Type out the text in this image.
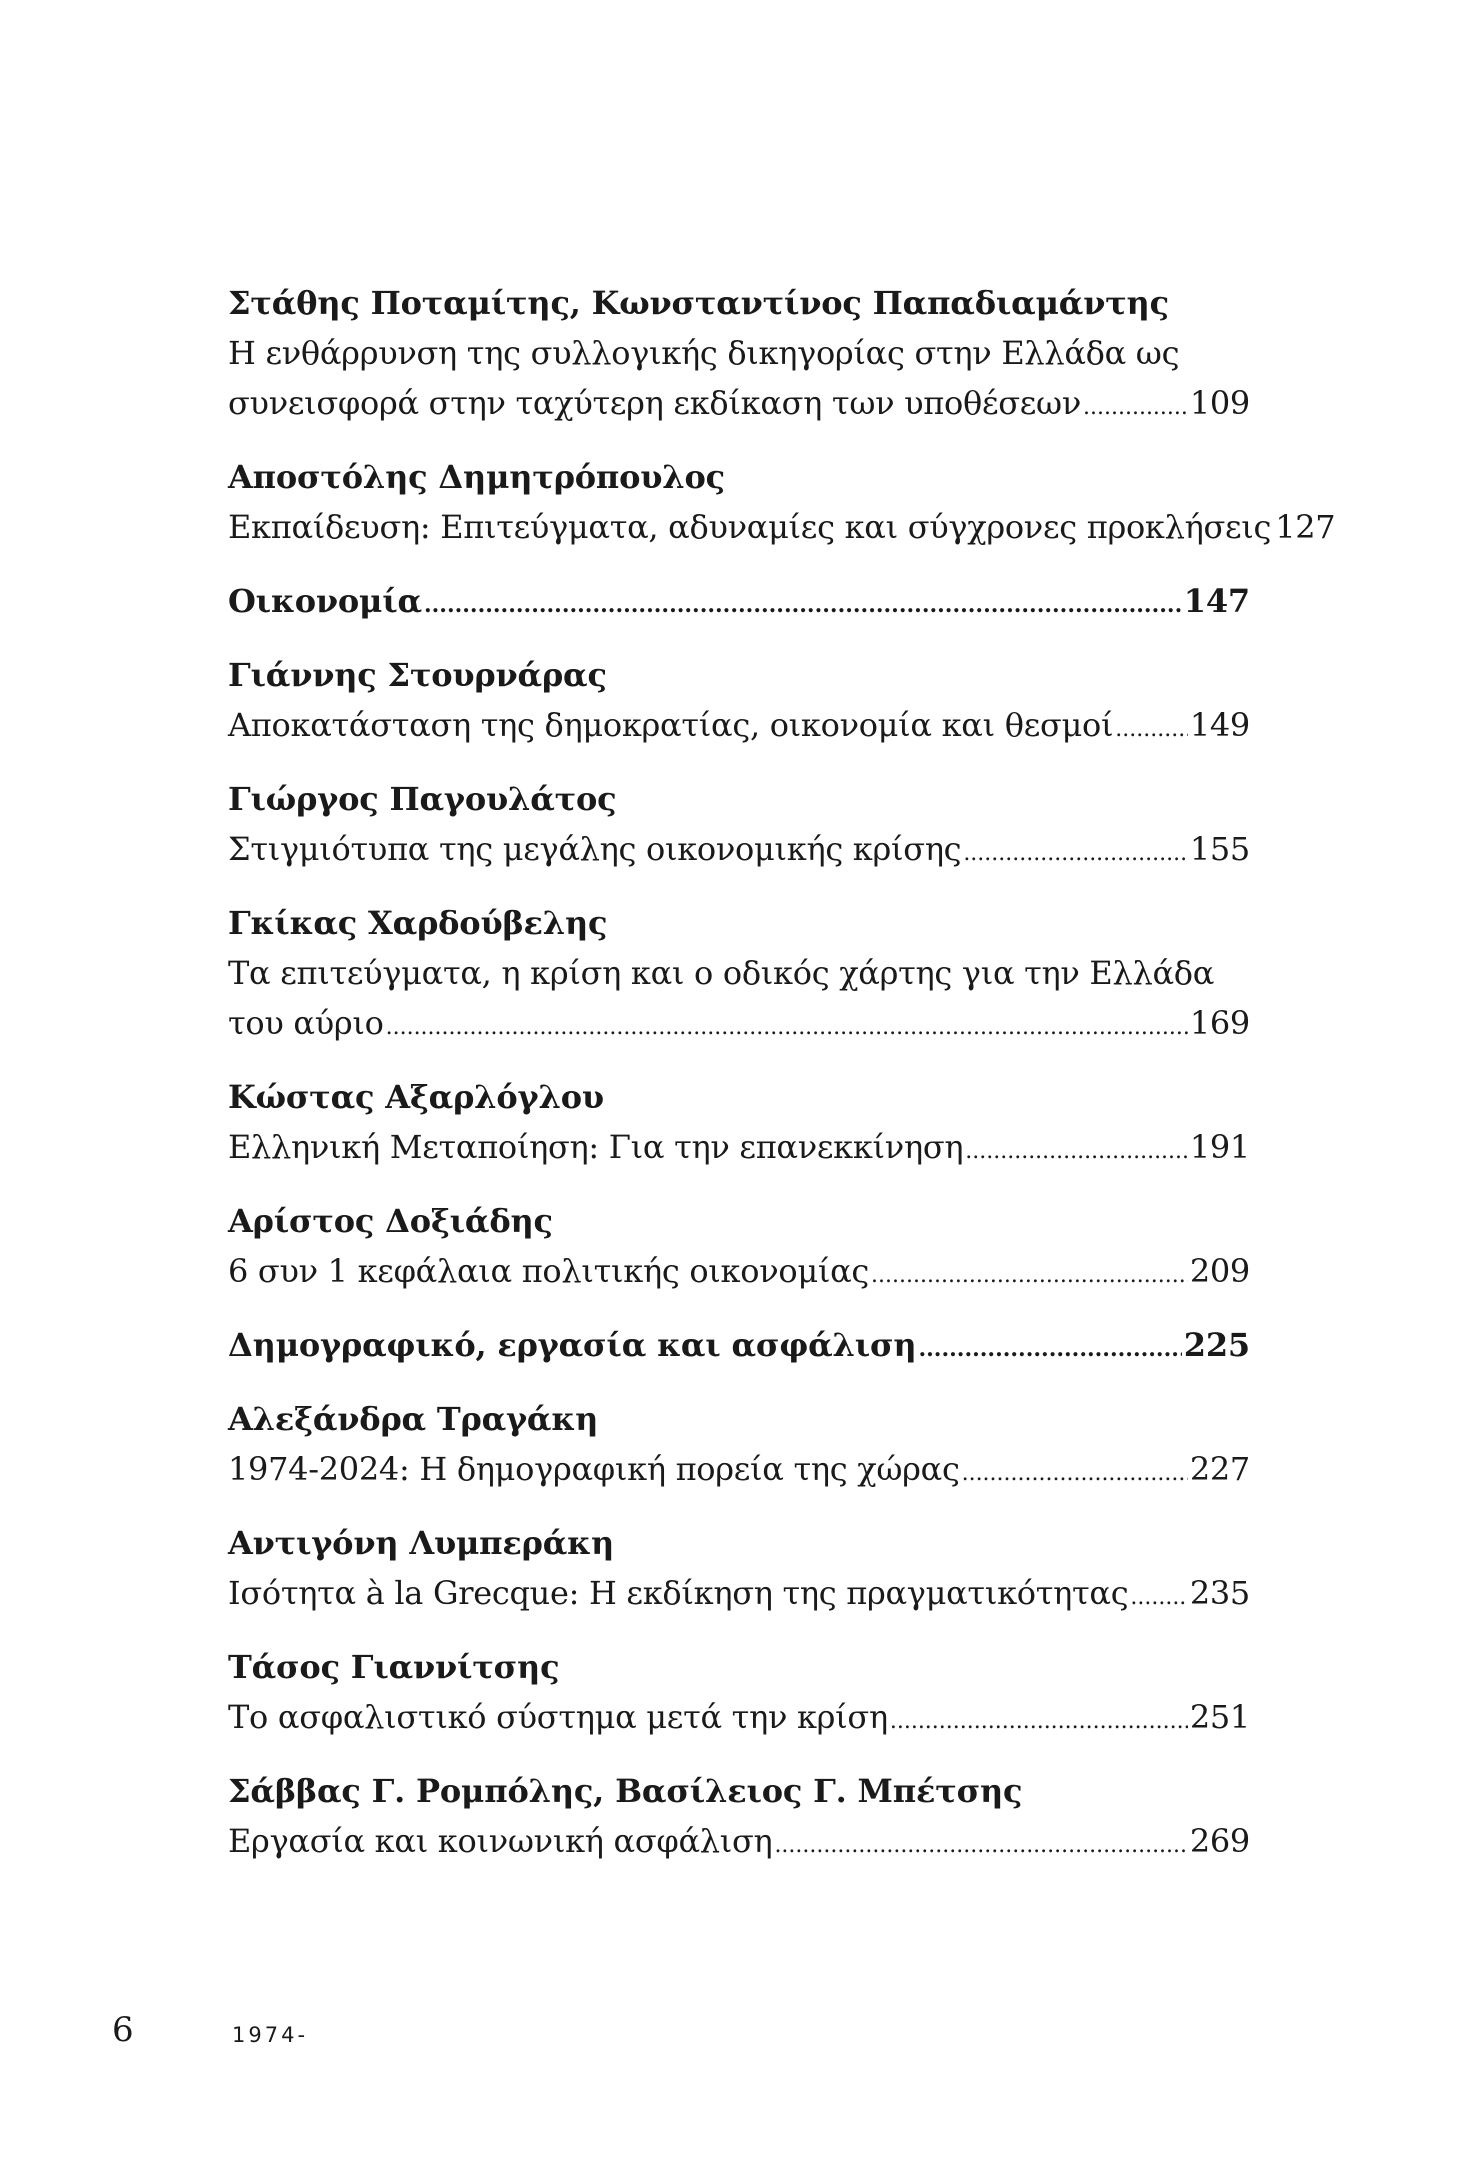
Στάθης Ποταμίτης, Κωνσταντίνος Παπαδιαμάντης
Η ενθάρρυνση της συλλογικής δικηγορίας στην Ελλάδα ως
συνεισφορά στην ταχύτερη εκδίκαση των υποθέσεων .....	109
Αποστόλης Δημητρόπουλος
Εκπαίδευση: Επιτεύγματα, αδυναμίες και σύγχρονες προκλήσεις 127
Οικονομία .....	147
Γιάννης Στουρνάρας
Αποκατάσταση της δημοκρατίας, οικονομία και θεσμοί ..... 149
Γιώργος Παγουλάτος
Στιγμιότυπα της μεγάλης οικονομικής κρίσης .....	155
Γκίκας Χαρδούβελης
Τα επιτεύγματα, η κρίση και ο οδικός χάρτης για την Ελλάδα
του αύριο .....	169
Κώστας Αξαρλόγλου
Ελληνική Μεταποίηση: Για την επανεκκίνηση .....	191
Αρίστος Δοξιάδης
6 συν 1 κεφάλαια πολιτικής οικονομίας .....	209
Δημογραφικό, εργασία και ασφάλιση .....	225
Αλεξάνδρα Τραγάκη
1974-2024: Η δημογραφική πορεία της χώρας .....	227
Αντιγόνη Λυμπεράκη
Ισότητα à la Grecque: Η εκδίκηση της πραγματικότητας ..... 235
Τάσος Γιαννίτσης
Το ασφαλιστικό σύστημα μετά την κρίση .....	251
Σάββας Γ. Ρομπόλης, Βασίλειος Γ. Μπέτσης
Εργασία και κοινωνική ασφάλιση .....	269
6	1974-
